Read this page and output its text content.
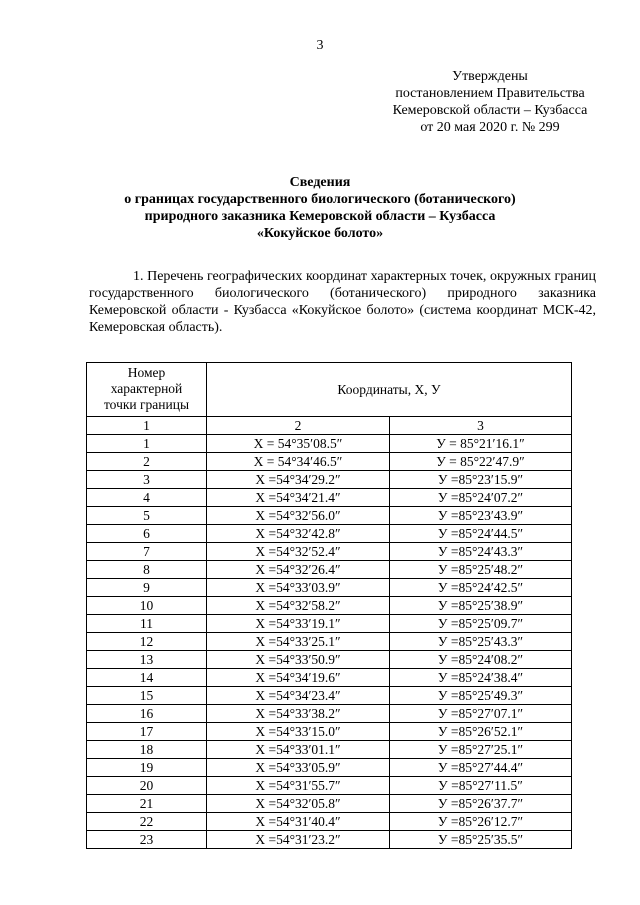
3
Утверждены
постановлением Правительства
Кемеровской области – Кузбасса
от 20 мая 2020 г. № 299
Сведения
о границах государственного биологического (ботанического)
природного заказника Кемеровской области – Кузбасса
«Кокуйское болото»

1. Перечень географических координат характерных точек, окружных границ государственного биологического (ботанического) природного заказника Кемеровской области - Кузбасса «Кокуйское болото» (система координат МСК-42, Кемеровская область).

Номер
характерной
точки границы	Координаты, X, У	
1	2	3
1	X = 54°35′08.5″	У = 85°21′16.1″
2	X = 54°34′46.5″	У = 85°22′47.9″
3	X =54°34′29.2″	У =85°23′15.9″
4	X =54°34′21.4″	У =85°24′07.2″
5	X =54°32′56.0″	У =85°23′43.9″
6	X =54°32′42.8″	У =85°24′44.5″
7	X =54°32′52.4″	У =85°24′43.3″
8	X =54°32′26.4″	У =85°25′48.2″
9	X =54°33′03.9″	У =85°24′42.5″
10	X =54°32′58.2″	У =85°25′38.9″
11	X =54°33′19.1″	У =85°25′09.7″
12	X =54°33′25.1″	У =85°25′43.3″
13	X =54°33′50.9″	У =85°24′08.2″
14	X =54°34′19.6″	У =85°24′38.4″
15	X =54°34′23.4″	У =85°25′49.3″
16	X =54°33′38.2″	У =85°27′07.1″
17	X =54°33′15.0″	У =85°26′52.1″
18	X =54°33′01.1″	У =85°27′25.1″
19	X =54°33′05.9″	У =85°27′44.4″
20	X =54°31′55.7″	У =85°27′11.5″
21	X =54°32′05.8″	У =85°26′37.7″
22	X =54°31′40.4″	У =85°26′12.7″
23	X =54°31′23.2″	У =85°25′35.5″
